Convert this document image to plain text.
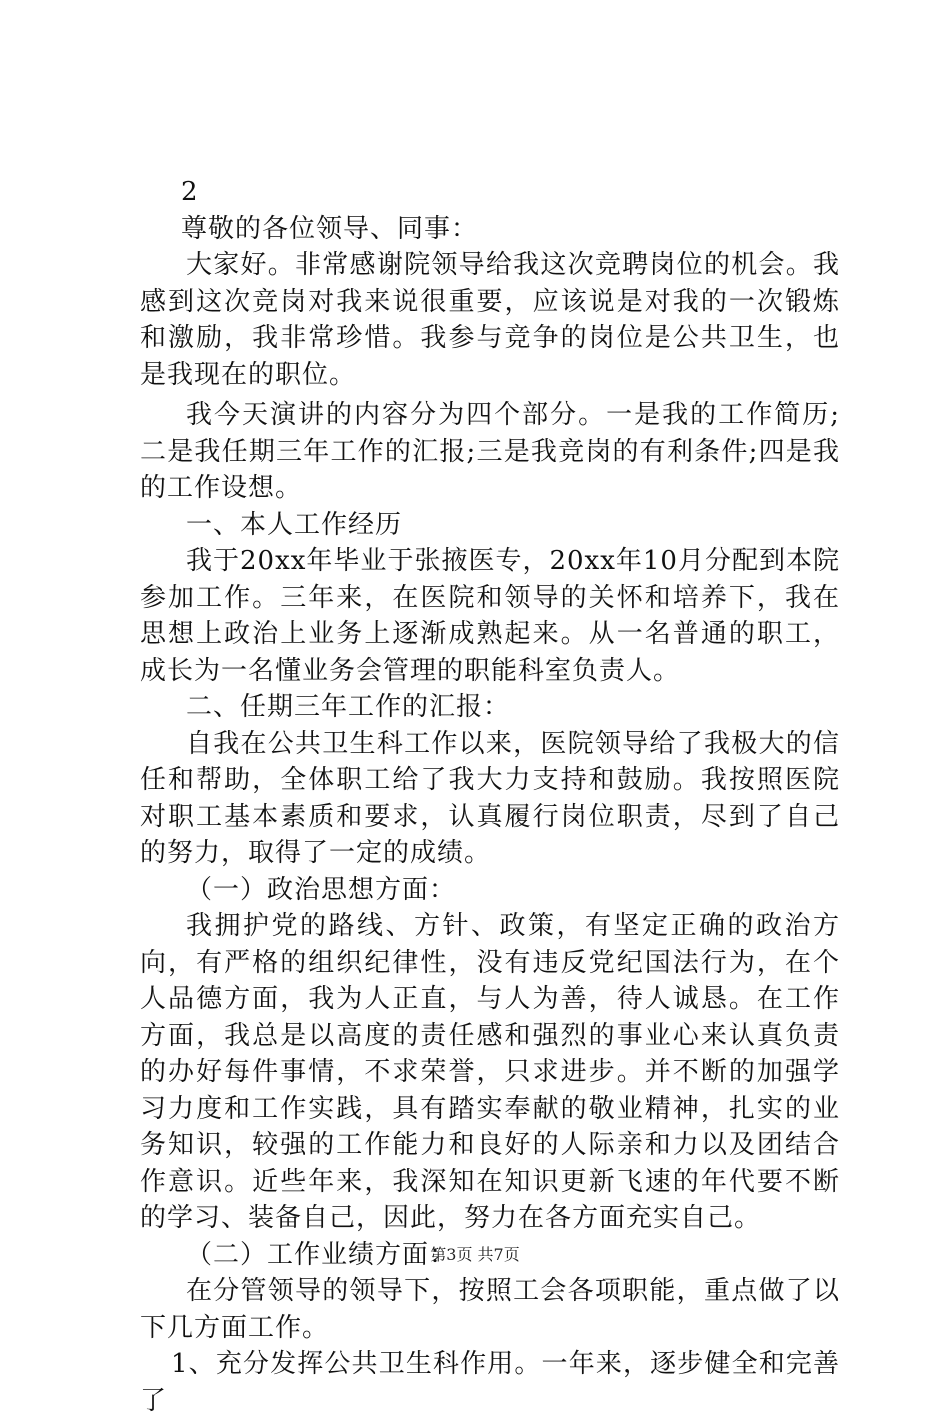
2

尊敬的各位领导、同事：

大家好。非常感谢院领导给我这次竞聘岗位的机会。我感到这次竞岗对我来说很重要，应该说是对我的一次锻炼和激励，我非常珍惜。我参与竞争的岗位是公共卫生，也是我现在的职位。

我今天演讲的内容分为四个部分。一是我的工作简历;二是我任期三年工作的汇报;三是我竞岗的有利条件;四是我的工作设想。

一、本人工作经历

我于20xx年毕业于张掖医专，20xx年10月分配到本院参加工作。三年来，在医院和领导的关怀和培养下，我在思想上政治上业务上逐渐成熟起来。从一名普通的职工，成长为一名懂业务会管理的职能科室负责人。

二、任期三年工作的汇报：

自我在公共卫生科工作以来，医院领导给了我极大的信任和帮助，全体职工给了我大力支持和鼓励。我按照医院对职工基本素质和要求，认真履行岗位职责，尽到了自己的努力，取得了一定的成绩。

（一）政治思想方面：

我拥护党的路线、方针、政策，有坚定正确的政治方向，有严格的组织纪律性，没有违反党纪国法行为，在个人品德方面，我为人正直，与人为善，待人诚恳。在工作方面，我总是以高度的责任感和强烈的事业心来认真负责的办好每件事情，不求荣誉，只求进步。并不断的加强学习力度和工作实践，具有踏实奉献的敬业精神，扎实的业务知识，较强的工作能力和良好的人际亲和力以及团结合作意识。近些年来，我深知在知识更新飞速的年代要不断的学习、装备自己，因此，努力在各方面充实自己。

（二）工作业绩方面：

在分管领导的领导下，按照工会各项职能，重点做了以下几方面工作。

1、充分发挥公共卫生科作用。一年来，逐步健全和完善了

第3页 共7页
